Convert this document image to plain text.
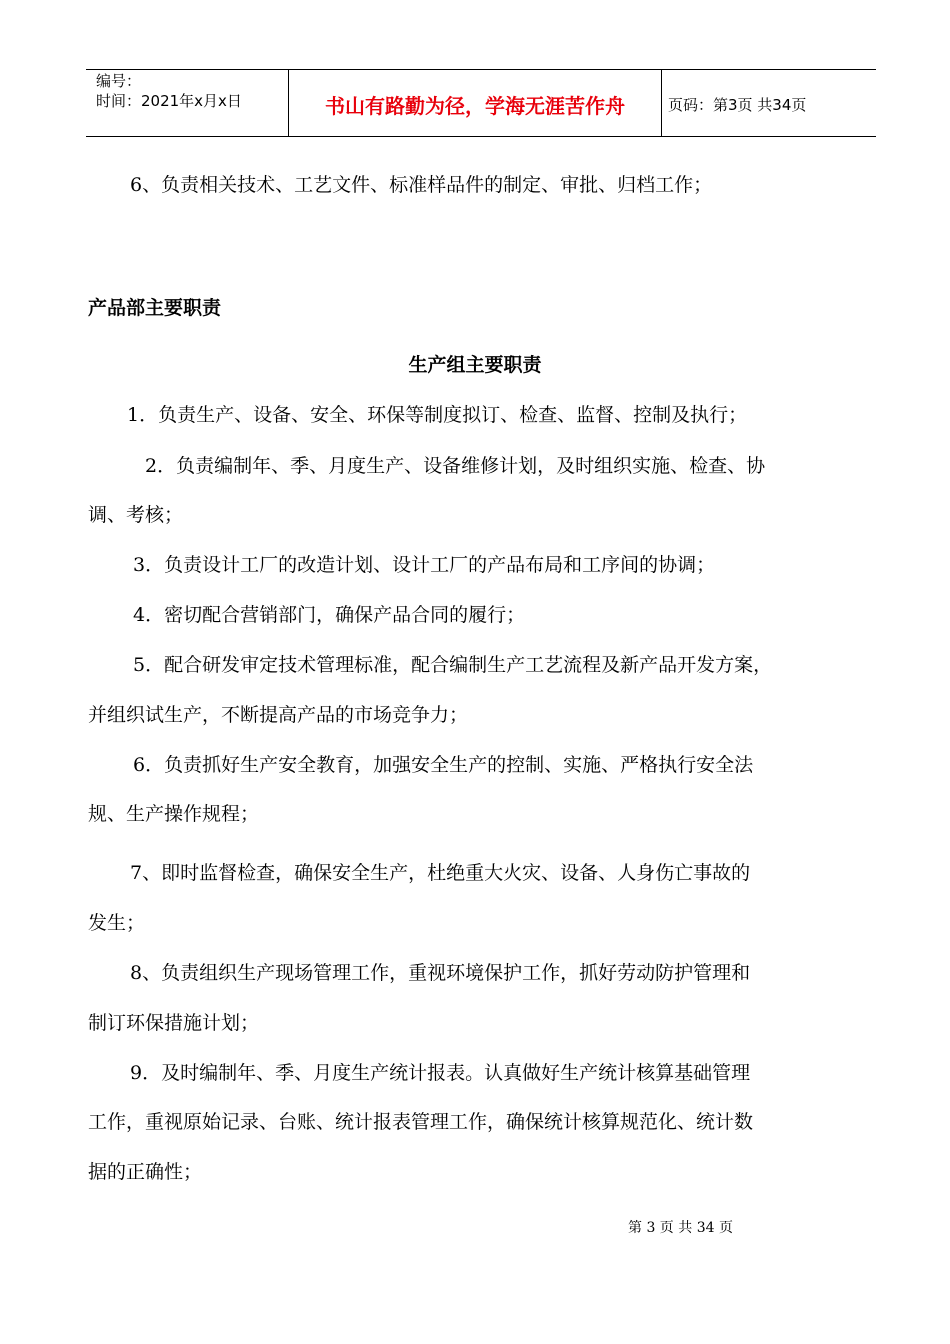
编号：
时间：2021年x月x日	书山有路勤为径，学海无涯苦作舟	页码：第3页 共34页
6、负责相关技术、工艺文件、标准样品件的制定、审批、归档工作；
产品部主要职责
生产组主要职责
1．负责生产、设备、安全、环保等制度拟订、检查、监督、控制及执行；
2．负责编制年、季、月度生产、设备维修计划，及时组织实施、检查、协
调、考核；
3．负责设计工厂的改造计划、设计工厂的产品布局和工序间的协调；
4．密切配合营销部门，确保产品合同的履行；
5．配合研发审定技术管理标准，配合编制生产工艺流程及新产品开发方案，
并组织试生产，不断提高产品的市场竞争力；
6．负责抓好生产安全教育，加强安全生产的控制、实施、严格执行安全法
规、生产操作规程；
7、即时监督检查，确保安全生产，杜绝重大火灾、设备、人身伤亡事故的
发生；
8、负责组织生产现场管理工作，重视环境保护工作，抓好劳动防护管理和
制订环保措施计划；
9．及时编制年、季、月度生产统计报表。认真做好生产统计核算基础管理
工作，重视原始记录、台账、统计报表管理工作，确保统计核算规范化、统计数
据的正确性；
第 3 页 共 34 页
